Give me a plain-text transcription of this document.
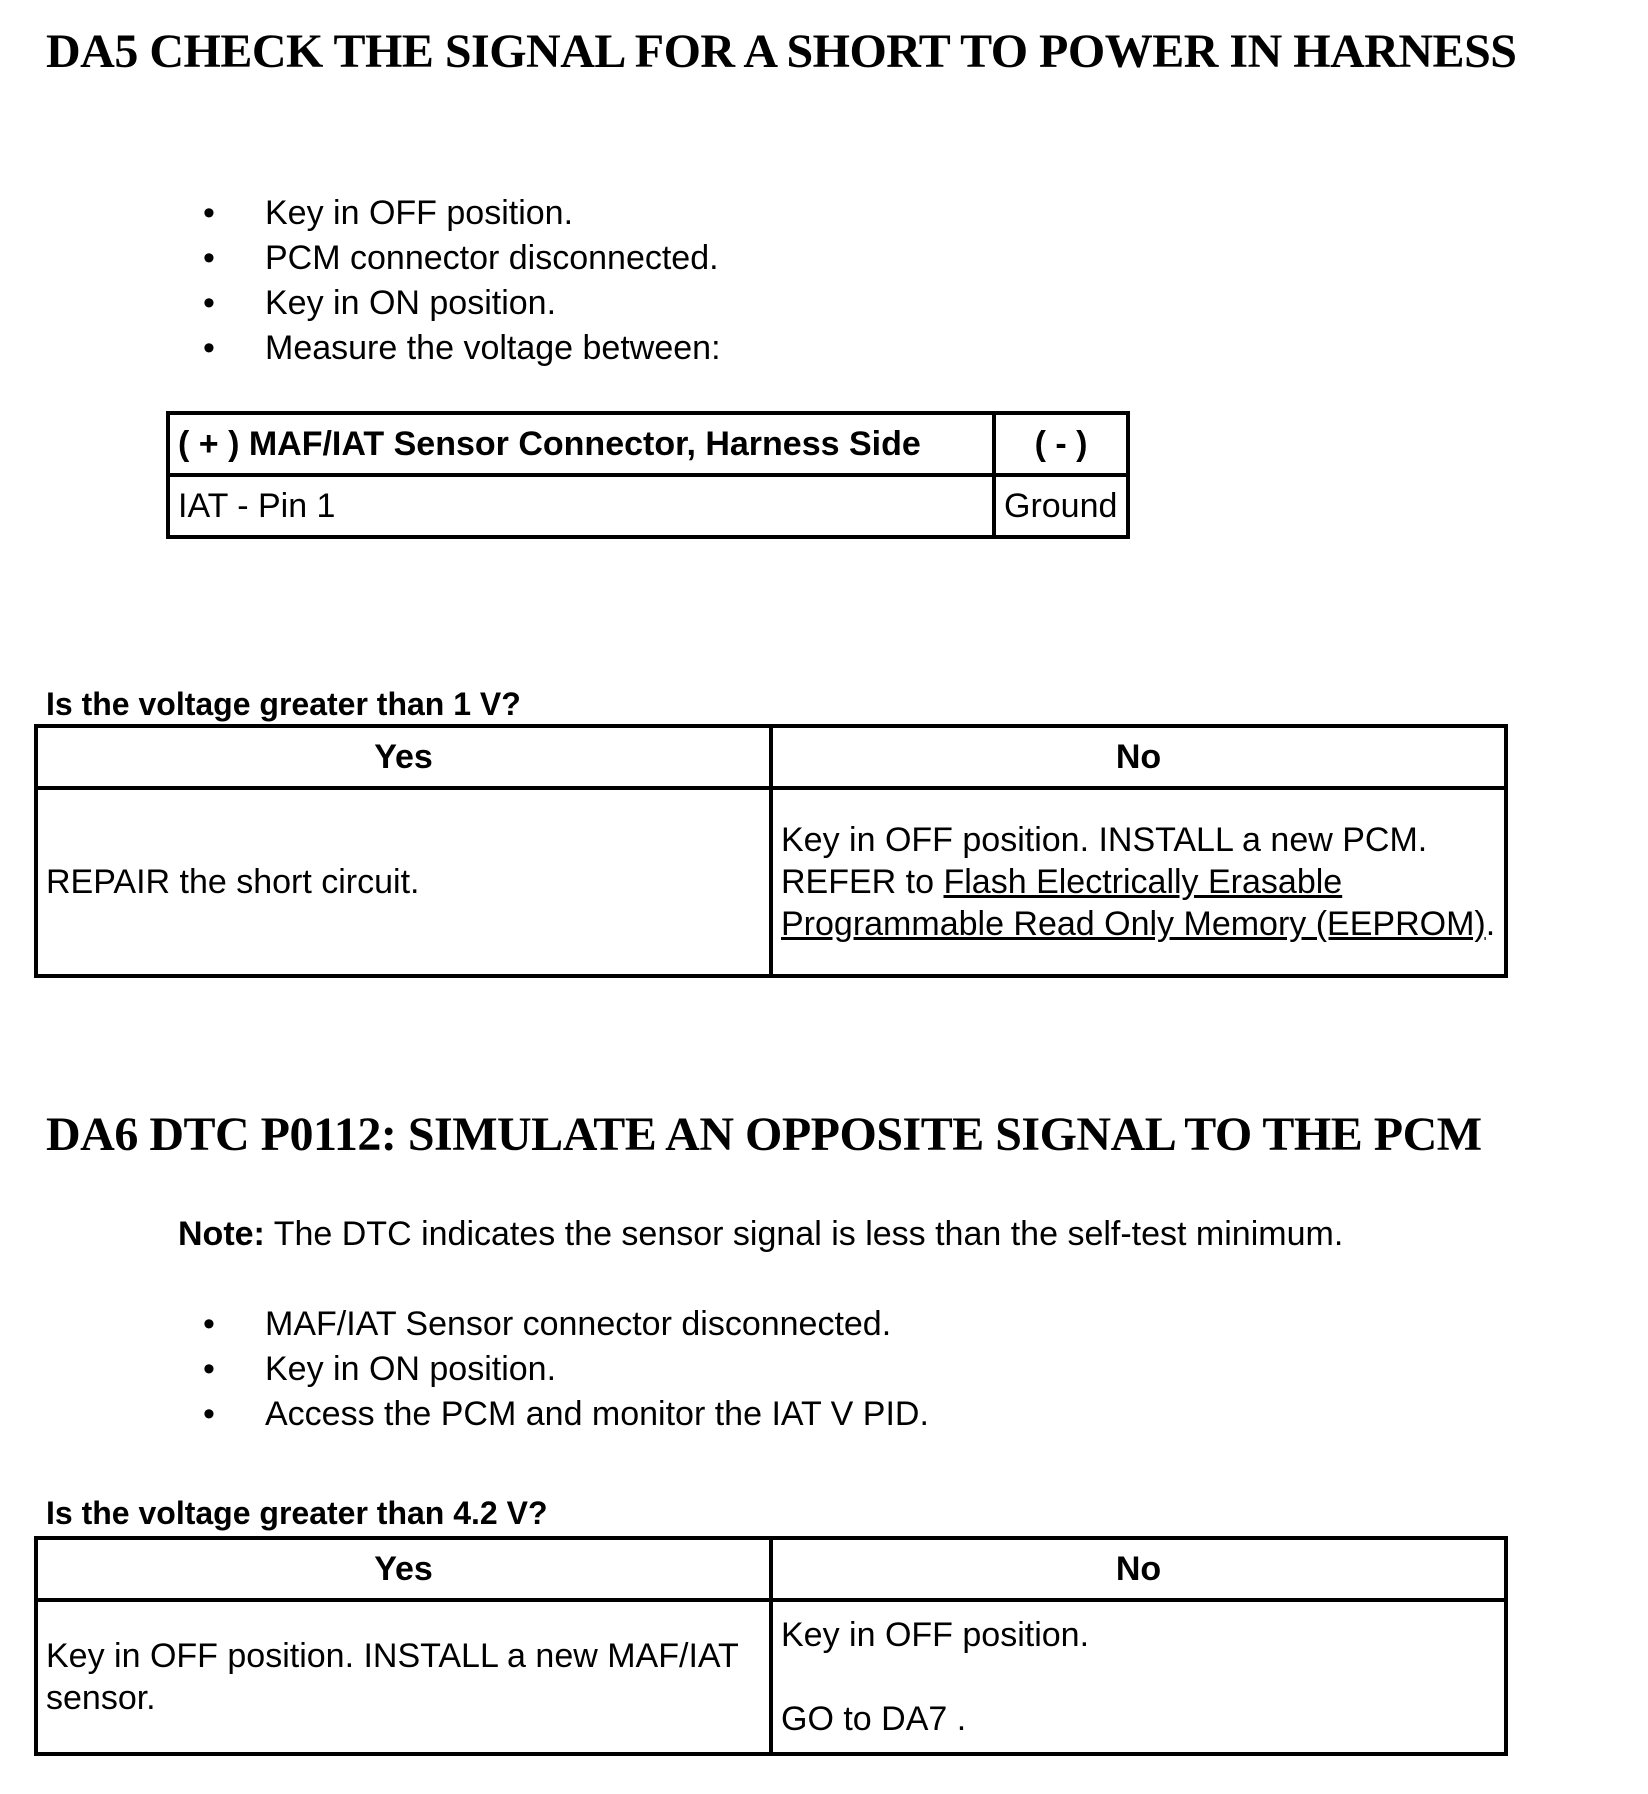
DA5 CHECK THE SIGNAL FOR A SHORT TO POWER IN HARNESS
• Key in OFF position.
• PCM connector disconnected.
• Key in ON position.
• Measure the voltage between:
( + ) MAF/IAT Sensor Connector, Harness Side	( - )
IAT - Pin 1	Ground
Is the voltage greater than 1 V?
Yes	No
REPAIR the short circuit.	Key in OFF position. INSTALL a new PCM. REFER to Flash Electrically Erasable Programmable Read Only Memory (EEPROM).
DA6 DTC P0112: SIMULATE AN OPPOSITE SIGNAL TO THE PCM
Note: The DTC indicates the sensor signal is less than the self-test minimum.
• MAF/IAT Sensor connector disconnected.
• Key in ON position.
• Access the PCM and monitor the IAT V PID.
Is the voltage greater than 4.2 V?
Yes	No
Key in OFF position. INSTALL a new MAF/IAT sensor.	Key in OFF position.
GO to DA7 .
